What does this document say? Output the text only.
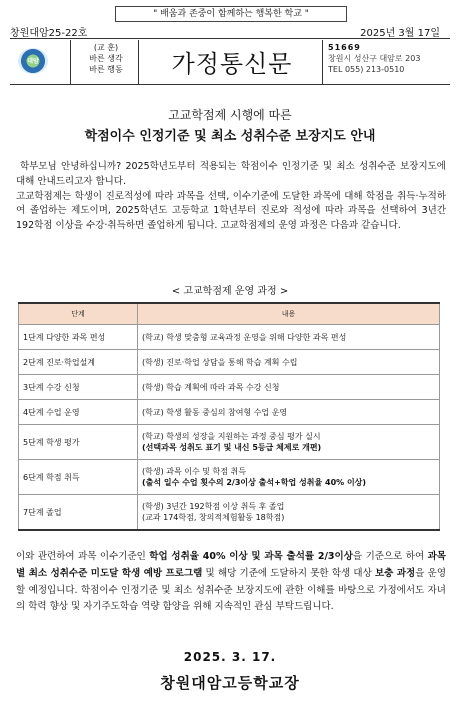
" 배움과 존중이 함께하는 행복한 학교 "
창원대암25-22호	2025년 3월 17일
대암
(교 훈)
바른 생각
바른 행동	가정통신문
51669
창원시 성산구 대암로 203
TEL 055) 213-0510
고교학점제 시행에 따른
학점이수 인정기준 및 최소 성취수준 보장지도 안내
학부모님 안녕하십니까? 2025학년도부터 적용되는 학점이수 인정기준 및 최소 성취수준 보장지도에 대해 안내드리고자 합니다.
고교학점제는 학생이 진로적성에 따라 과목을 선택, 이수기준에 도달한 과목에 대해 학점을 취득·누적하여 졸업하는 제도이며, 2025학년도 고등학교 1학년부터 진로와 적성에 따라 과목을 선택하여 3년간 192학점 이상을 수강·취득하면 졸업하게 됩니다. 고교학점제의 운영 과정은 다음과 같습니다.
< 고교학점제 운영 과정 >
단계	내용
1단계 다양한 과목 편성	(학교) 학생 맞춤형 교육과정 운영을 위해 다양한 과목 편성

2단계 진로·학업설계	(학생) 진로·학업 상담을 통해 학습 계획 수립

3단계 수강 신청	(학생) 학습 계획에 따라 과목 수강 신청

4단계 수업 운영	(학교) 학생 활동 중심의 참여형 수업 운영

5단계 학생 평가	(학교) 학생의 성장을 지원하는 과정 중심 평가 실시
(선택과목 성취도 표기 및 내신 5등급 체제로 개편)

6단계 학점 취득	(학생) 과목 이수 및 학점 취득
(출석 일수 수업 횟수의 2/3이상 출석+학업 성취율 40% 이상)

7단계 졸업	(학생) 3년간 192학점 이상 취득 후 졸업
(교과 174학점, 창의적체험활동 18학점)
이와 관련하여 과목 이수기준인 학업 성취율 40% 이상 및 과목 출석률 2/3이상을 기준으로 하여 과목별 최소 성취수준 미도달 학생 예방 프로그램 및 해당 기준에 도달하지 못한 학생 대상 보충 과정을 운영할 예정입니다. 학점이수 인정기준 및 최소 성취수준 보장지도에 관한 이해를 바탕으로 가정에서도 자녀의 학력 향상 및 자기주도학습 역량 함양을 위해 지속적인 관심 부탁드립니다.
2025. 3. 17.
창원대암고등학교장
